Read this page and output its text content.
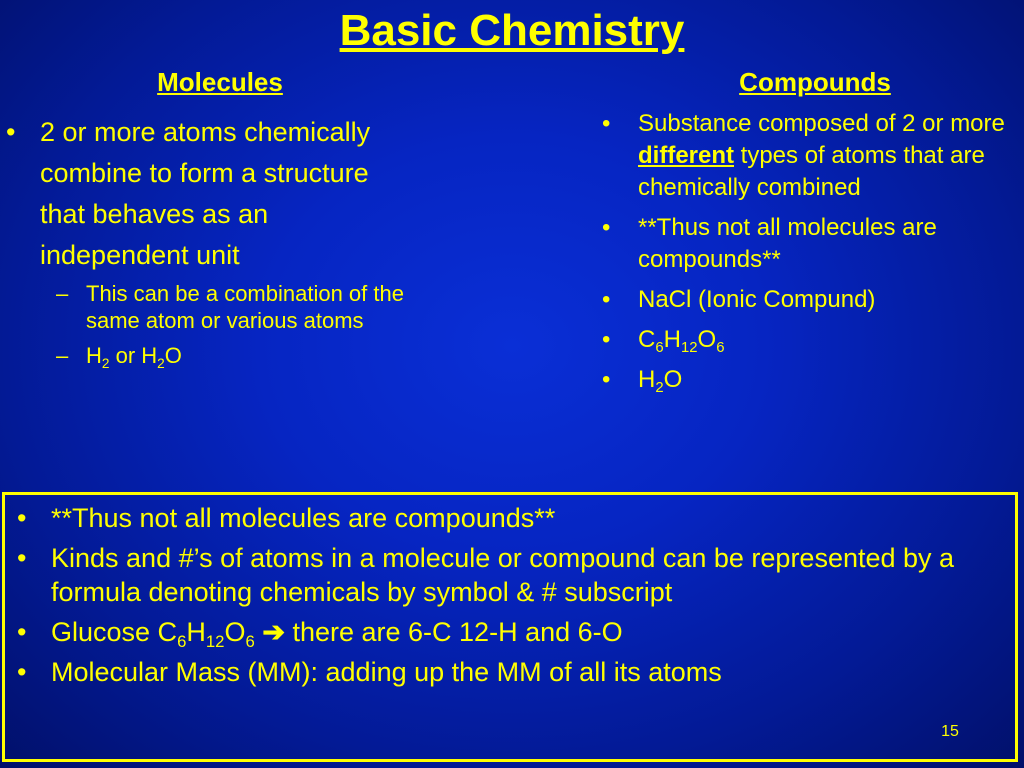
Basic Chemistry
Molecules	Compounds
• 2 or more atoms chemically combine to form a structure that behaves as an independent unit
– This can be a combination of the same atom or various atoms
– $H_2$ or $H_2O$
• Substance composed of 2 or more different types of atoms that are chemically combined
• **Thus not all molecules are compounds**
• NaCl (Ionic Compund)
• $C_6H_{12}O_6$
• $H_2O$
• **Thus not all molecules are compounds**
• Kinds and #’s of atoms in a molecule or compound can be represented by a formula denoting chemicals by symbol & # subscript
• Glucose $C_6H_{12}O_6$ ➔ there are 6-C 12-H and 6-O
• Molecular Mass (MM): adding up the MM of all its atoms
15
